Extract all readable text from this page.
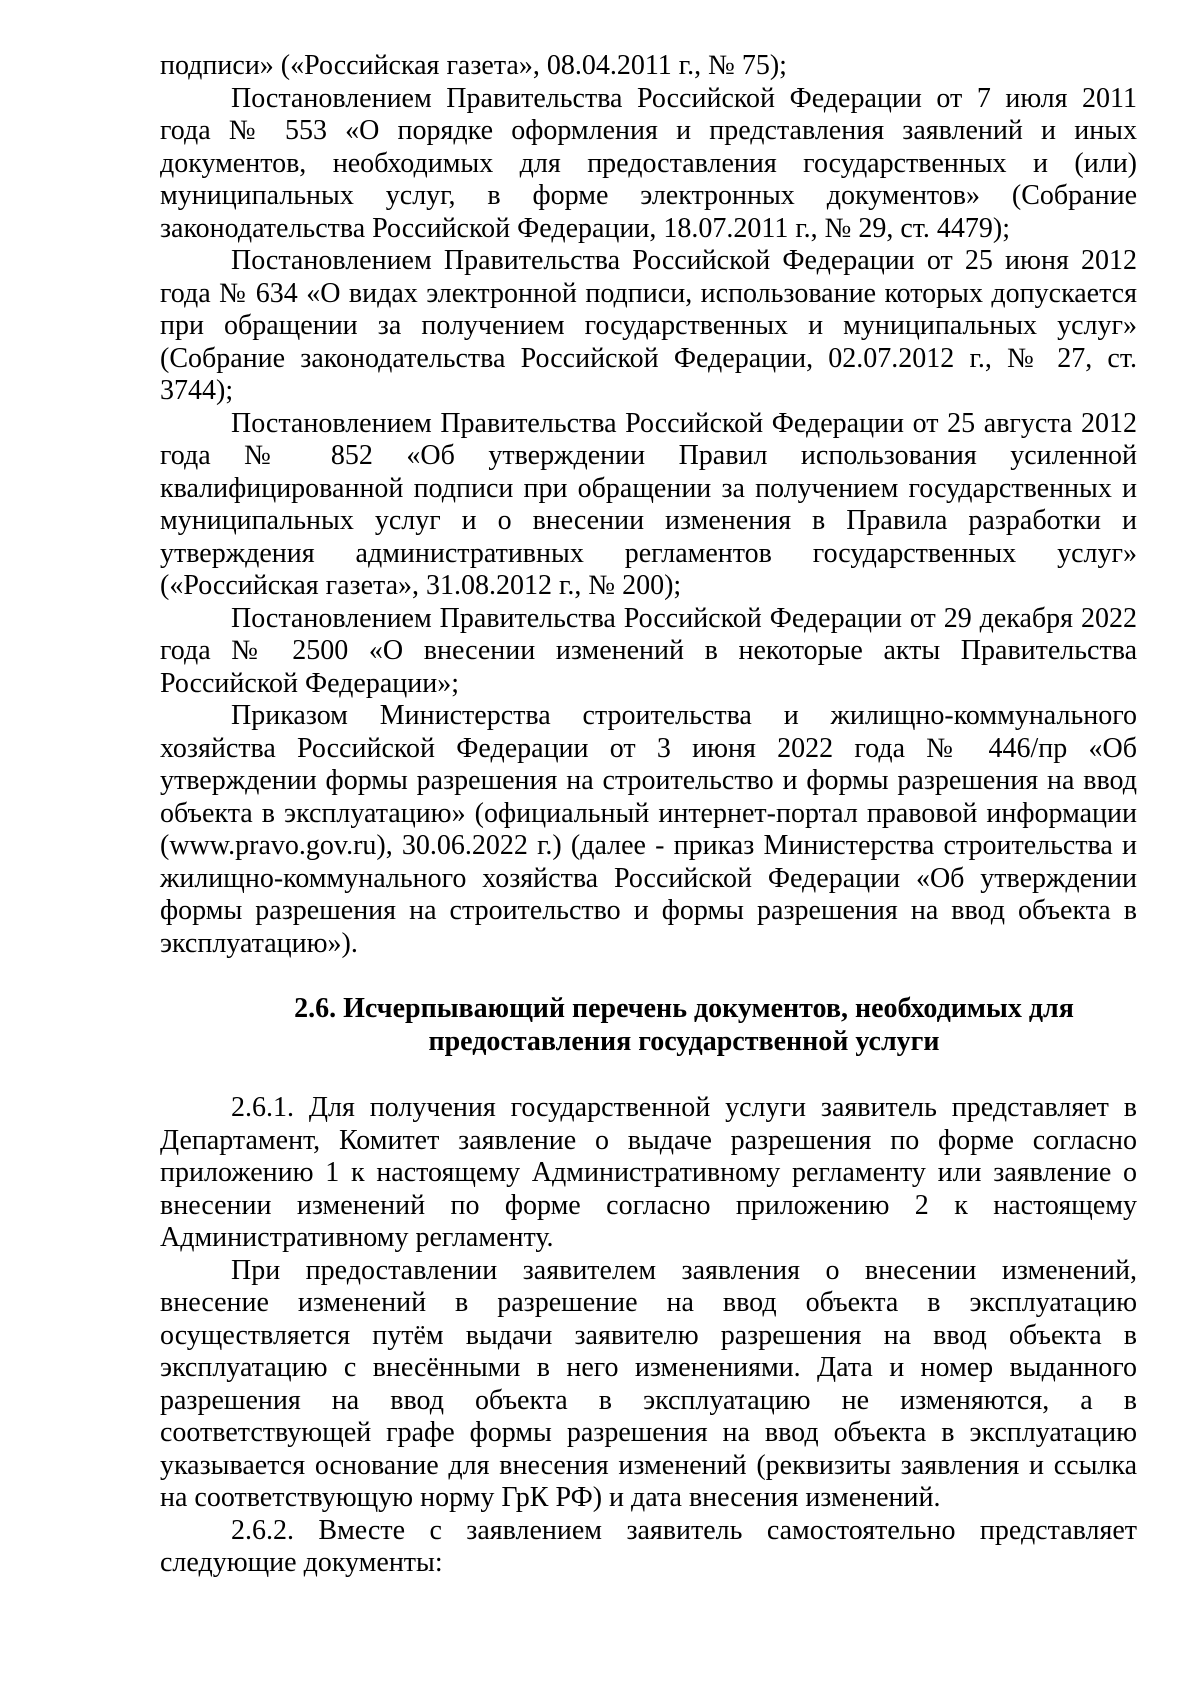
подписи» («Российская газета», 08.04.2011 г., № 75);

Постановлением Правительства Российской Федерации от 7 июля 2011 года № 553 «О порядке оформления и представления заявлений и иных документов, необходимых для предоставления государственных и (или) муниципальных услуг, в форме электронных документов» (Собрание законодательства Российской Федерации, 18.07.2011 г., № 29, ст. 4479);

Постановлением Правительства Российской Федерации от 25 июня 2012 года № 634 «О видах электронной подписи, использование которых допускается при обращении за получением государственных и муниципальных услуг» (Собрание законодательства Российской Федерации, 02.07.2012 г., № 27, ст. 3744);

Постановлением Правительства Российской Федерации от 25 августа 2012 года № 852 «Об утверждении Правил использования усиленной квалифицированной подписи при обращении за получением государственных и муниципальных услуг и о внесении изменения в Правила разработки и утверждения административных регламентов государственных услуг» («Российская газета», 31.08.2012 г., № 200);

Постановлением Правительства Российской Федерации от 29 декабря 2022 года № 2500 «О внесении изменений в некоторые акты Правительства Российской Федерации»;

Приказом Министерства строительства и жилищно-коммунального хозяйства Российской Федерации от 3 июня 2022 года № 446/пр «Об утверждении формы разрешения на строительство и формы разрешения на ввод объекта в эксплуатацию» (официальный интернет-портал правовой информации (www.pravo.gov.ru), 30.06.2022 г.) (далее - приказ Министерства строительства и жилищно-коммунального хозяйства Российской Федерации «Об утверждении формы разрешения на строительство и формы разрешения на ввод объекта в эксплуатацию»).

2.6. Исчерпывающий перечень документов, необходимых для
предоставления государственной услуги

2.6.1. Для получения государственной услуги заявитель представляет в Департамент, Комитет заявление о выдаче разрешения по форме согласно приложению 1 к настоящему Административному регламенту или заявление о внесении изменений по форме согласно приложению 2 к настоящему Административному регламенту.

При предоставлении заявителем заявления о внесении изменений, внесение изменений в разрешение на ввод объекта в эксплуатацию осуществляется путём выдачи заявителю разрешения на ввод объекта в эксплуатацию с внесёнными в него изменениями. Дата и номер выданного разрешения на ввод объекта в эксплуатацию не изменяются, а в соответствующей графе формы разрешения на ввод объекта в эксплуатацию указывается основание для внесения изменений (реквизиты заявления и ссылка на соответствующую норму ГрК РФ) и дата внесения изменений.

2.6.2. Вместе с заявлением заявитель самостоятельно представляет следующие документы:
